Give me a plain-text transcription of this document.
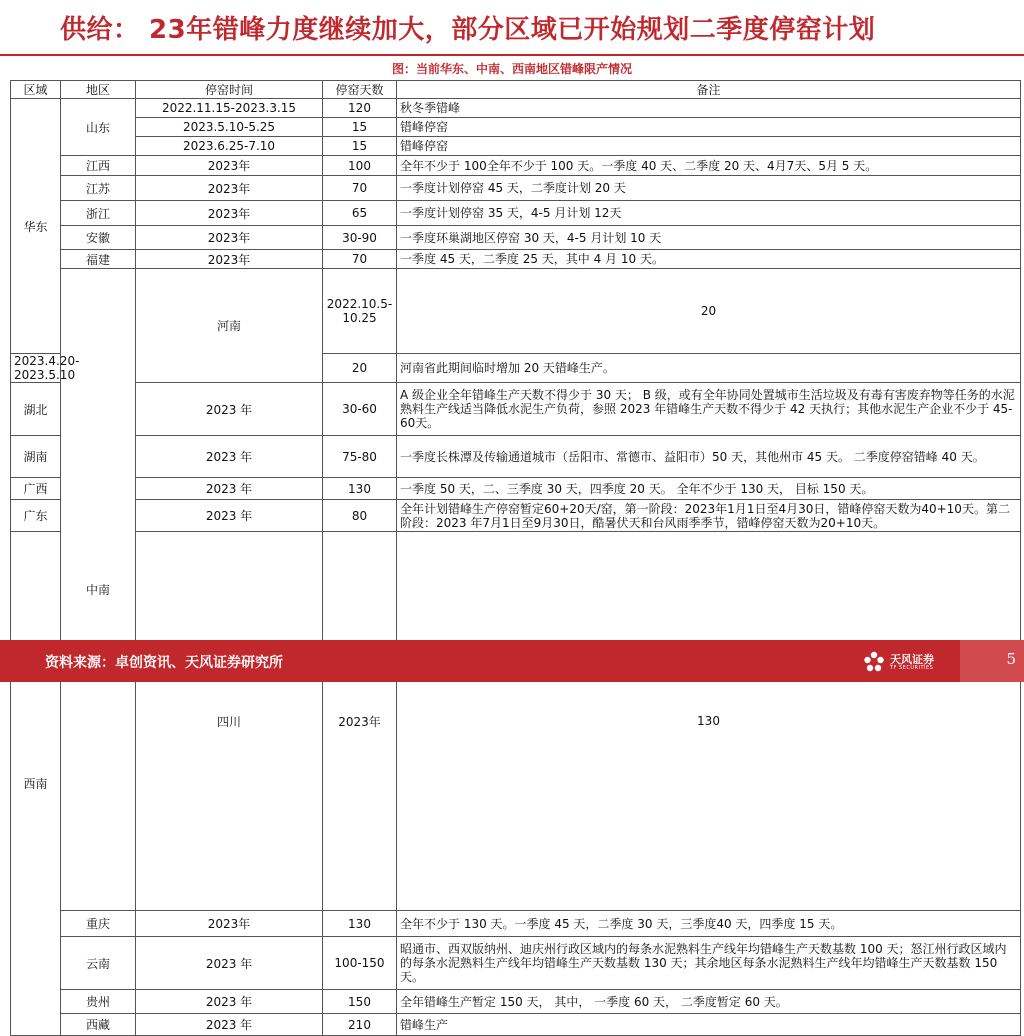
供给： 23年错峰力度继续加大，部分区域已开始规划二季度停窑计划
图：当前华东、中南、西南地区错峰限产情况
区域	地区	停窑时间	停窑天数	备注	
华东	山东	2022.11.15-2023.3.15	120	秋冬季错峰	
		2023.5.10-5.25	15	错峰停窑	
		2023.6.25-7.10	15	错峰停窑	
	江西	2023年	100	全年不少于 100全年不少于 100 天。一季度 40 天、二季度 20 天、4月7天、5月 5 天。	
	江苏	2023年	70	一季度计划停窑 45 天，二季度计划 20 天	
	浙江	2023年	65	一季度计划停窑 35 天，4-5 月计划 12天	
	安徽	2023年	30-90	一季度环巢湖地区停窑 30 天，4-5 月计划 10 天	
	福建	2023年	70	一季度 45 天，二季度 25 天，其中 4 月 10 天。	
	中南	河南	2022.10.5-10.25	20	
2023.4.20-2023.5.10			20	河南省此期间临时增加 20 天错峰生产。	
湖北		2023 年	30-60	A 级企业全年错峰生产天数不得少于 30 天； B 级，或有全年协同处置城市生活垃圾及有毒有害废弃物等任务的水泥熟料生产线适当降低水泥生产负荷，参照 2023 年错峰生产天数不得少于 42 天执行；其他水泥生产企业不少于 45-60天。	
湖南		2023 年	75-80	一季度长株潭及传输通道城市（岳阳市、常德市、益阳市）50 天，其他州市 45 天。 二季度停窑错峰 40 天。	
广西		2023 年	130	一季度 50 天，二、三季度 30 天，四季度 20 天。 全年不少于 130 天， 目标 150 天。	
广东		2023 年	80	全年计划错峰生产停窑暂定60+20天/窑，第一阶段：2023年1月1日至4月30日，错峰停窑天数为40+10天。第二阶段：2023 年7月1日至9月30日，酷暑伏天和台风雨季季节，错峰停窑天数为20+10天。	
西南		四川	2023年	130	
	重庆	2023年	130	全年不少于 130 天。一季度 45 天，二季度 30 天，三季度40 天，四季度 15 天。	
	云南	2023 年	100-150	昭通市、西双版纳州、迪庆州行政区域内的每条水泥熟料生产线年均错峰生产天数基数 100 天；怒江州行政区域内的每条水泥熟料生产线年均错峰生产天数基数 130 天；其余地区每条水泥熟料生产线年均错峰生产天数基数 150天。	
	贵州	2023 年	150	全年错峰生产暂定 150 天， 其中， 一季度 60 天， 二季度暂定 60 天。	
	西藏	2023 年	210	错峰生产	
资料来源：卓创资讯、天风证券研究所	天风证券
TF SECURITIES	5
